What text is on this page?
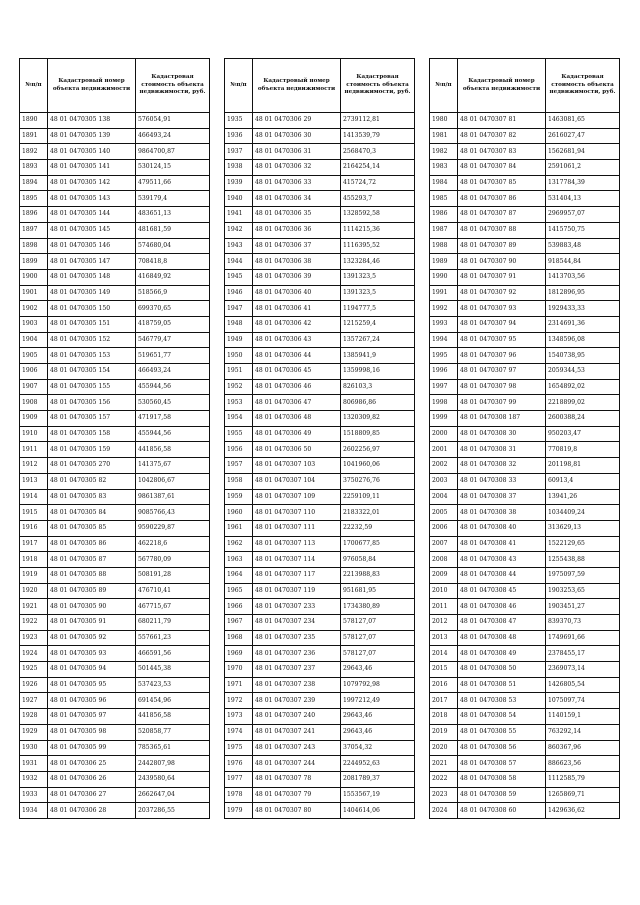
№п/п	Кадастровый номер объекта недвижимости	Кадастровая стоимость объекта недвижимости, руб.
1890	48 01 0470305 138	576054,91
1891	48 01 0470305 139	466493,24
1892	48 01 0470305 140	9864700,87
1893	48 01 0470305 141	530124,15
1894	48 01 0470305 142	479511,66
1895	48 01 0470305 143	539179,4
1896	48 01 0470305 144	483651,13
1897	48 01 0470305 145	481681,59
1898	48 01 0470305 146	574680,04
1899	48 01 0470305 147	708418,8
1900	48 01 0470305 148	416849,92
1901	48 01 0470305 149	518566,9
1902	48 01 0470305 150	699370,65
1903	48 01 0470305 151	418759,05
1904	48 01 0470305 152	546779,47
1905	48 01 0470305 153	519651,77
1906	48 01 0470305 154	466493,24
1907	48 01 0470305 155	455944,56
1908	48 01 0470305 156	530560,45
1909	48 01 0470305 157	471917,58
1910	48 01 0470305 158	455944,56
1911	48 01 0470305 159	441856,58
1912	48 01 0470305 270	141375,67
1913	48 01 0470305 82	1042806,67
1914	48 01 0470305 83	9861387,61
1915	48 01 0470305 84	9085766,43
1916	48 01 0470305 85	9590229,87
1917	48 01 0470305 86	462218,6
1918	48 01 0470305 87	567780,09
1919	48 01 0470305 88	508191,28
1920	48 01 0470305 89	476710,41
1921	48 01 0470305 90	467715,67
1922	48 01 0470305 91	680211,79
1923	48 01 0470305 92	557661,23
1924	48 01 0470305 93	466591,56
1925	48 01 0470305 94	501445,38
1926	48 01 0470305 95	537423,53
1927	48 01 0470305 96	691454,96
1928	48 01 0470305 97	441856,58
1929	48 01 0470305 98	520858,77
1930	48 01 0470305 99	785365,61
1931	48 01 0470306 25	2442807,98
1932	48 01 0470306 26	2439580,64
1933	48 01 0470306 27	2662647,04
1934	48 01 0470306 28	2037286,55
№п/п	Кадастровый номер объекта недвижимости	Кадастровая стоимость объекта недвижимости, руб.
1935	48 01 0470306 29	2739112,81
1936	48 01 0470306 30	1413539,79
1937	48 01 0470306 31	2568470,3
1938	48 01 0470306 32	2164254,14
1939	48 01 0470306 33	415724,72
1940	48 01 0470306 34	455293,7
1941	48 01 0470306 35	1328592,58
1942	48 01 0470306 36	1114215,36
1943	48 01 0470306 37	1116395,52
1944	48 01 0470306 38	1323284,46
1945	48 01 0470306 39	1391323,5
1946	48 01 0470306 40	1391323,5
1947	48 01 0470306 41	1194777,5
1948	48 01 0470306 42	1215259,4
1949	48 01 0470306 43	1357267,24
1950	48 01 0470306 44	1385941,9
1951	48 01 0470306 45	1359998,16
1952	48 01 0470306 46	826103,3
1953	48 01 0470306 47	806986,86
1954	48 01 0470306 48	1320309,82
1955	48 01 0470306 49	1518809,85
1956	48 01 0470306 50	2602256,97
1957	48 01 0470307 103	1041960,06
1958	48 01 0470307 104	3750276,76
1959	48 01 0470307 109	2259109,11
1960	48 01 0470307 110	2183322,01
1961	48 01 0470307 111	22232,59
1962	48 01 0470307 113	1700677,85
1963	48 01 0470307 114	976058,84
1964	48 01 0470307 117	2213988,83
1965	48 01 0470307 119	951681,95
1966	48 01 0470307 233	1734380,89
1967	48 01 0470307 234	578127,07
1968	48 01 0470307 235	578127,07
1969	48 01 0470307 236	578127,07
1970	48 01 0470307 237	29643,46
1971	48 01 0470307 238	1079792,98
1972	48 01 0470307 239	1997212,49
1973	48 01 0470307 240	29643,46
1974	48 01 0470307 241	29643,46
1975	48 01 0470307 243	37054,32
1976	48 01 0470307 244	2244952,63
1977	48 01 0470307 78	2081789,37
1978	48 01 0470307 79	1553567,19
1979	48 01 0470307 80	1404614,06
№п/п	Кадастровый номер объекта недвижимости	Кадастровая стоимость объекта недвижимости, руб.
1980	48 01 0470307 81	1463081,65
1981	48 01 0470307 82	2616027,47
1982	48 01 0470307 83	1562681,94
1983	48 01 0470307 84	2591061,2
1984	48 01 0470307 85	1317784,39
1985	48 01 0470307 86	531404,13
1986	48 01 0470307 87	2969957,07
1987	48 01 0470307 88	1415750,75
1988	48 01 0470307 89	539883,48
1989	48 01 0470307 90	918544,84
1990	48 01 0470307 91	1413703,56
1991	48 01 0470307 92	1812896,95
1992	48 01 0470307 93	1929433,33
1993	48 01 0470307 94	2314691,36
1994	48 01 0470307 95	1348596,08
1995	48 01 0470307 96	1540738,95
1996	48 01 0470307 97	2059344,53
1997	48 01 0470307 98	1654892,02
1998	48 01 0470307 99	2218899,02
1999	48 01 0470308 187	2600388,24
2000	48 01 0470308 30	950203,47
2001	48 01 0470308 31	770819,8
2002	48 01 0470308 32	201198,81
2003	48 01 0470308 33	60913,4
2004	48 01 0470308 37	13941,26
2005	48 01 0470308 38	1034409,24
2006	48 01 0470308 40	313629,13
2007	48 01 0470308 41	1522129,65
2008	48 01 0470308 43	1255438,88
2009	48 01 0470308 44	1975097,59
2010	48 01 0470308 45	1903253,65
2011	48 01 0470308 46	1903451,27
2012	48 01 0470308 47	839370,73
2013	48 01 0470308 48	1749691,66
2014	48 01 0470308 49	2378455,17
2015	48 01 0470308 50	2369073,14
2016	48 01 0470308 51	1426805,54
2017	48 01 0470308 53	1075097,74
2018	48 01 0470308 54	1140159,1
2019	48 01 0470308 55	763292,14
2020	48 01 0470308 56	860367,96
2021	48 01 0470308 57	886623,56
2022	48 01 0470308 58	1112585,79
2023	48 01 0470308 59	1265869,71
2024	48 01 0470308 60	1429636,62
